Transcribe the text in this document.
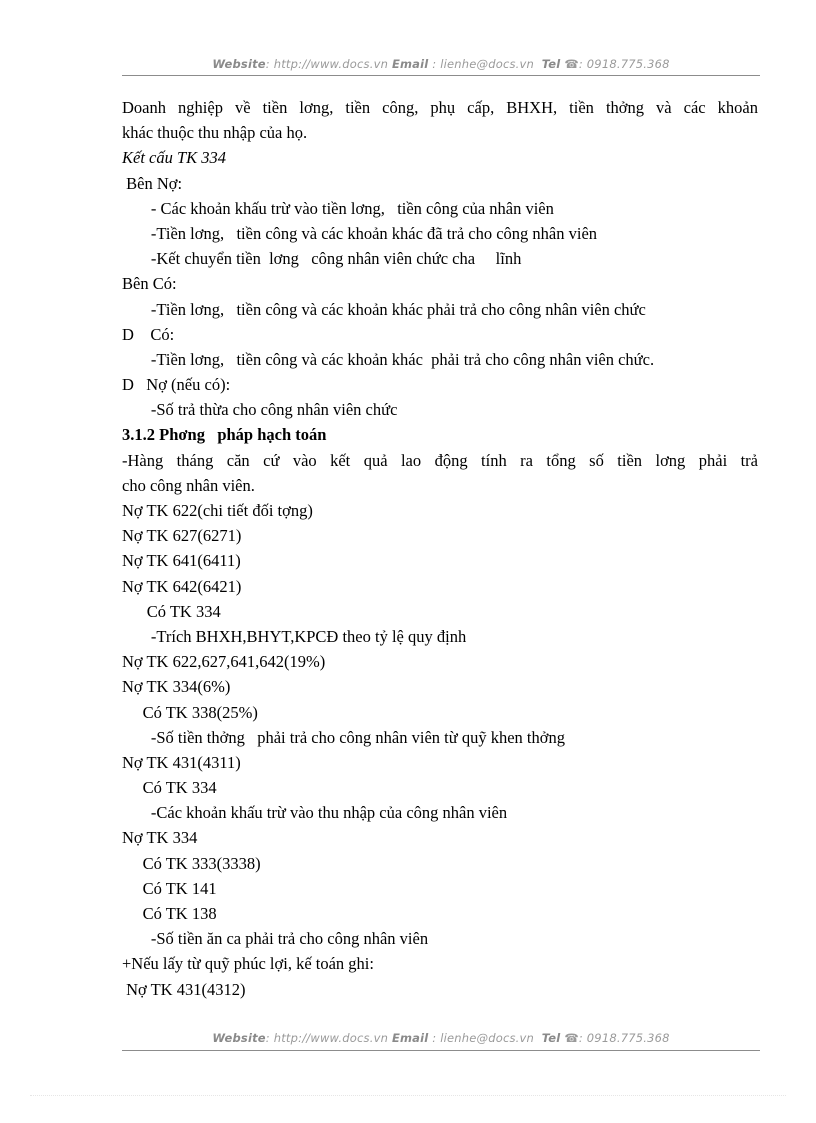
Website: http://www.docs.vn Email : lienhe@docs.vn Tel ☎: 0918.775.368
Doanh nghiệp về tiền lơng, tiền công, phụ cấp, BHXH, tiền thởng và các khoản
khác thuộc thu nhập của họ.
Kết cấu TK 334
Bên Nợ:
- Các khoản khấu trừ vào tiền lơng,   tiền công của nhân viên
-Tiền lơng,   tiền công và các khoản khác đã trả cho công nhân viên
-Kết chuyển tiền  lơng   công nhân viên chức cha     lĩnh
Bên Có:
-Tiền lơng,   tiền công và các khoản khác phải trả cho công nhân viên chức
D    Có:
-Tiền lơng,   tiền công và các khoản khác  phải trả cho công nhân viên chức.
D   Nợ (nếu có):
-Số trả thừa cho công nhân viên chức
3.1.2 Phơng   pháp hạch toán
-Hàng tháng căn cứ vào kết quả lao động tính ra tổng số tiền lơng phải trả
cho công nhân viên.
Nợ TK 622(chi tiết đối tợng)
Nợ TK 627(6271)
Nợ TK 641(6411)
Nợ TK 642(6421)
Có TK 334
-Trích BHXH,BHYT,KPCĐ theo tỷ lệ quy định
Nợ TK 622,627,641,642(19%)
Nợ TK 334(6%)
Có TK 338(25%)
-Số tiền thởng   phải trả cho công nhân viên từ quỹ khen thởng
Nợ TK 431(4311)
Có TK 334
-Các khoản khấu trừ vào thu nhập của công nhân viên
Nợ TK 334
Có TK 333(3338)
Có TK 141
Có TK 138
-Số tiền ăn ca phải trả cho công nhân viên
+Nếu lấy từ quỹ phúc lợi, kế toán ghi:
Nợ TK 431(4312)
Website: http://www.docs.vn Email : lienhe@docs.vn Tel ☎: 0918.775.368
